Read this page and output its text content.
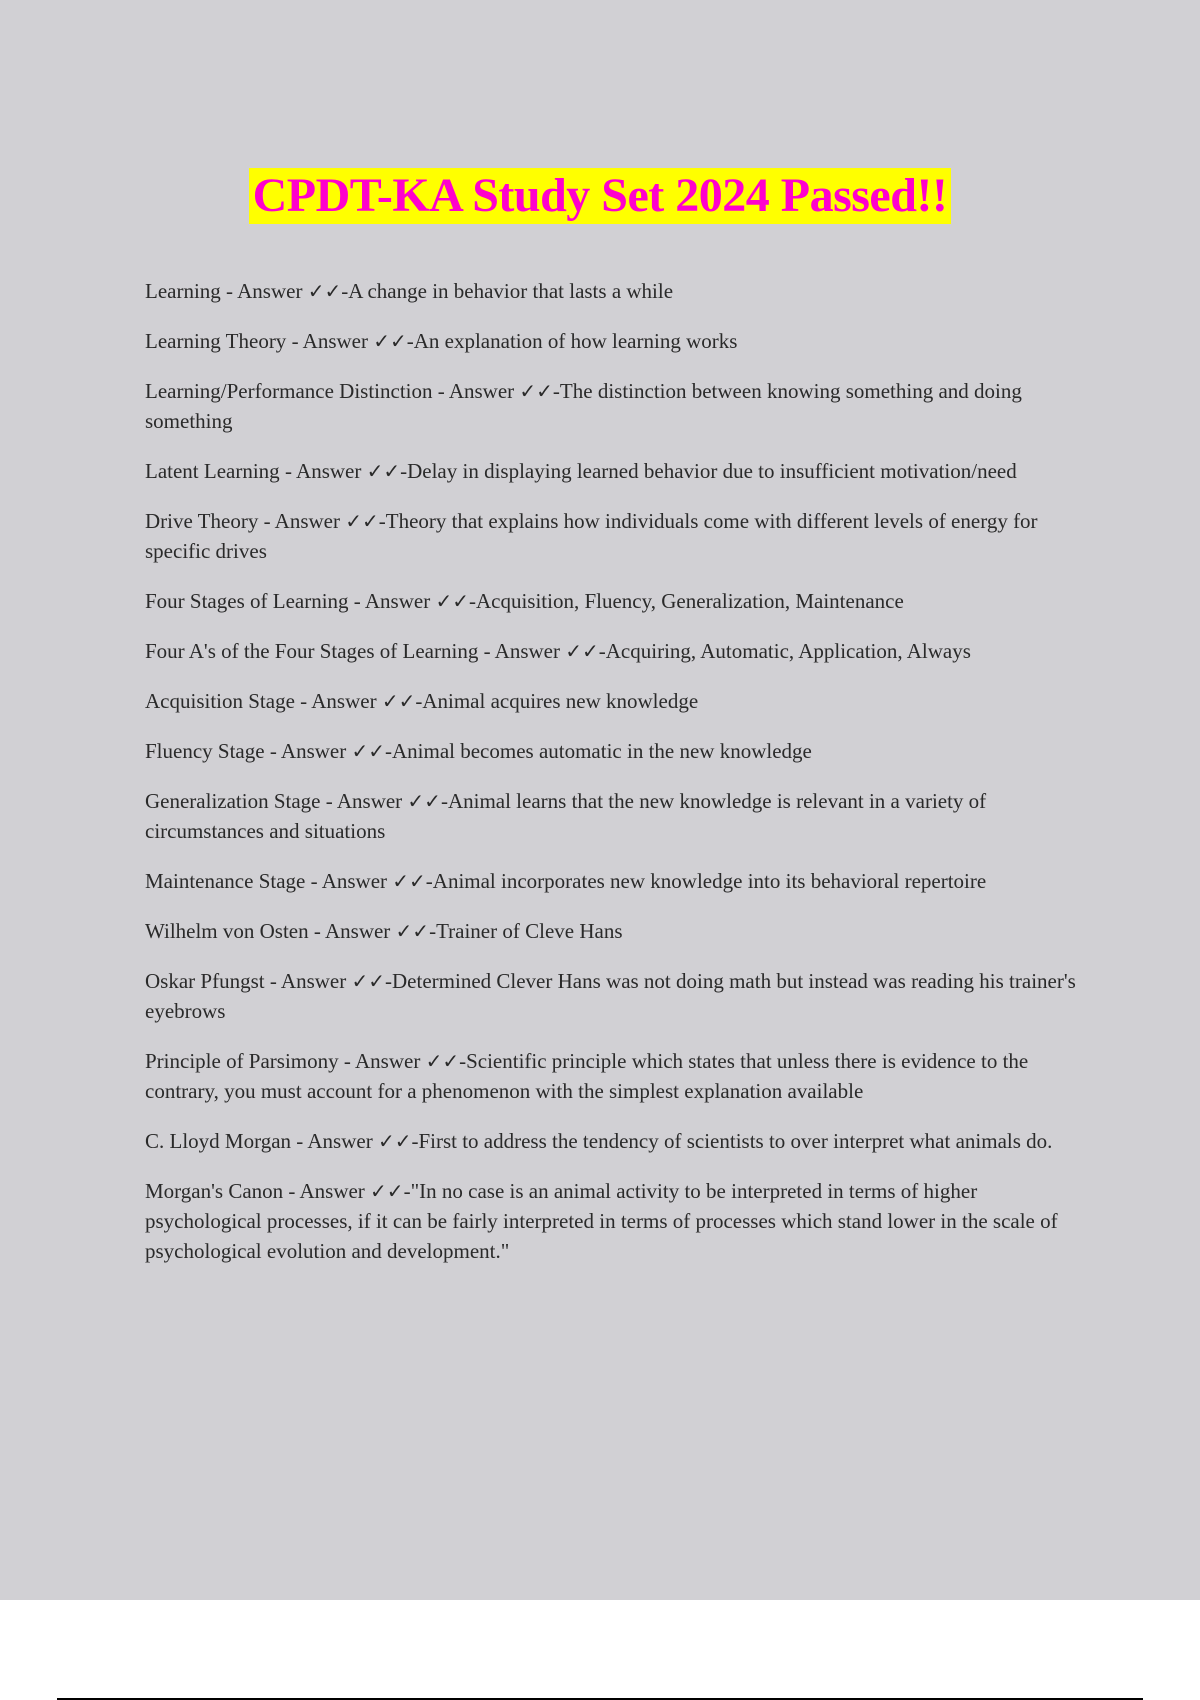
CPDT-KA Study Set 2024 Passed!!

Learning - Answer ✓✓-A change in behavior that lasts a while

Learning Theory - Answer ✓✓-An explanation of how learning works

Learning/Performance Distinction - Answer ✓✓-The distinction between knowing something and doing something

Latent Learning - Answer ✓✓-Delay in displaying learned behavior due to insufficient motivation/need

Drive Theory - Answer ✓✓-Theory that explains how individuals come with different levels of energy for specific drives

Four Stages of Learning - Answer ✓✓-Acquisition, Fluency, Generalization, Maintenance

Four A's of the Four Stages of Learning - Answer ✓✓-Acquiring, Automatic, Application, Always

Acquisition Stage - Answer ✓✓-Animal acquires new knowledge

Fluency Stage - Answer ✓✓-Animal becomes automatic in the new knowledge

Generalization Stage - Answer ✓✓-Animal learns that the new knowledge is relevant in a variety of circumstances and situations

Maintenance Stage - Answer ✓✓-Animal incorporates new knowledge into its behavioral repertoire

Wilhelm von Osten - Answer ✓✓-Trainer of Cleve Hans

Oskar Pfungst - Answer ✓✓-Determined Clever Hans was not doing math but instead was reading his trainer's eyebrows

Principle of Parsimony - Answer ✓✓-Scientific principle which states that unless there is evidence to the contrary, you must account for a phenomenon with the simplest explanation available

C. Lloyd Morgan - Answer ✓✓-First to address the tendency of scientists to over interpret what animals do.

Morgan's Canon - Answer ✓✓-"In no case is an animal activity to be interpreted in terms of higher psychological processes, if it can be fairly interpreted in terms of processes which stand lower in the scale of psychological evolution and development."
